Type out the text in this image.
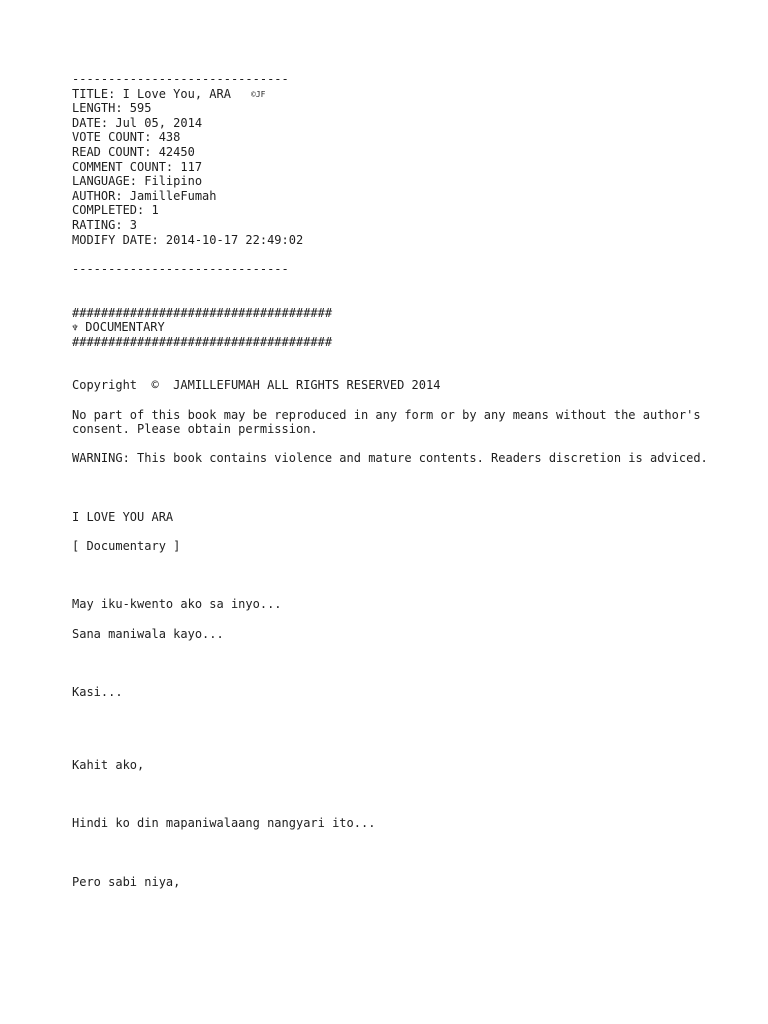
------------------------------
TITLE: I Love You, ARA	©JF
LENGTH: 595
DATE: Jul 05, 2014
VOTE COUNT: 438
READ COUNT: 42450
COMMENT COUNT: 117
LANGUAGE: Filipino
AUTHOR: JamilleFumah
COMPLETED: 1
RATING: 3
MODIFY DATE: 2014-10-17 22:49:02
------------------------------
####################################
♆ DOCUMENTARY
####################################
Copyright  ©  JAMILLEFUMAH ALL RIGHTS RESERVED 2014
No part of this book may be reproduced in any form or by any means without the author's consent. Please obtain permission.
WARNING: This book contains violence and mature contents. Readers discretion is adviced.
I LOVE YOU ARA
[ Documentary ]
May iku-kwento ako sa inyo...
Sana maniwala kayo...
Kasi...
Kahit ako,
Hindi ko din mapaniwalaang nangyari ito...
Pero sabi niya,
